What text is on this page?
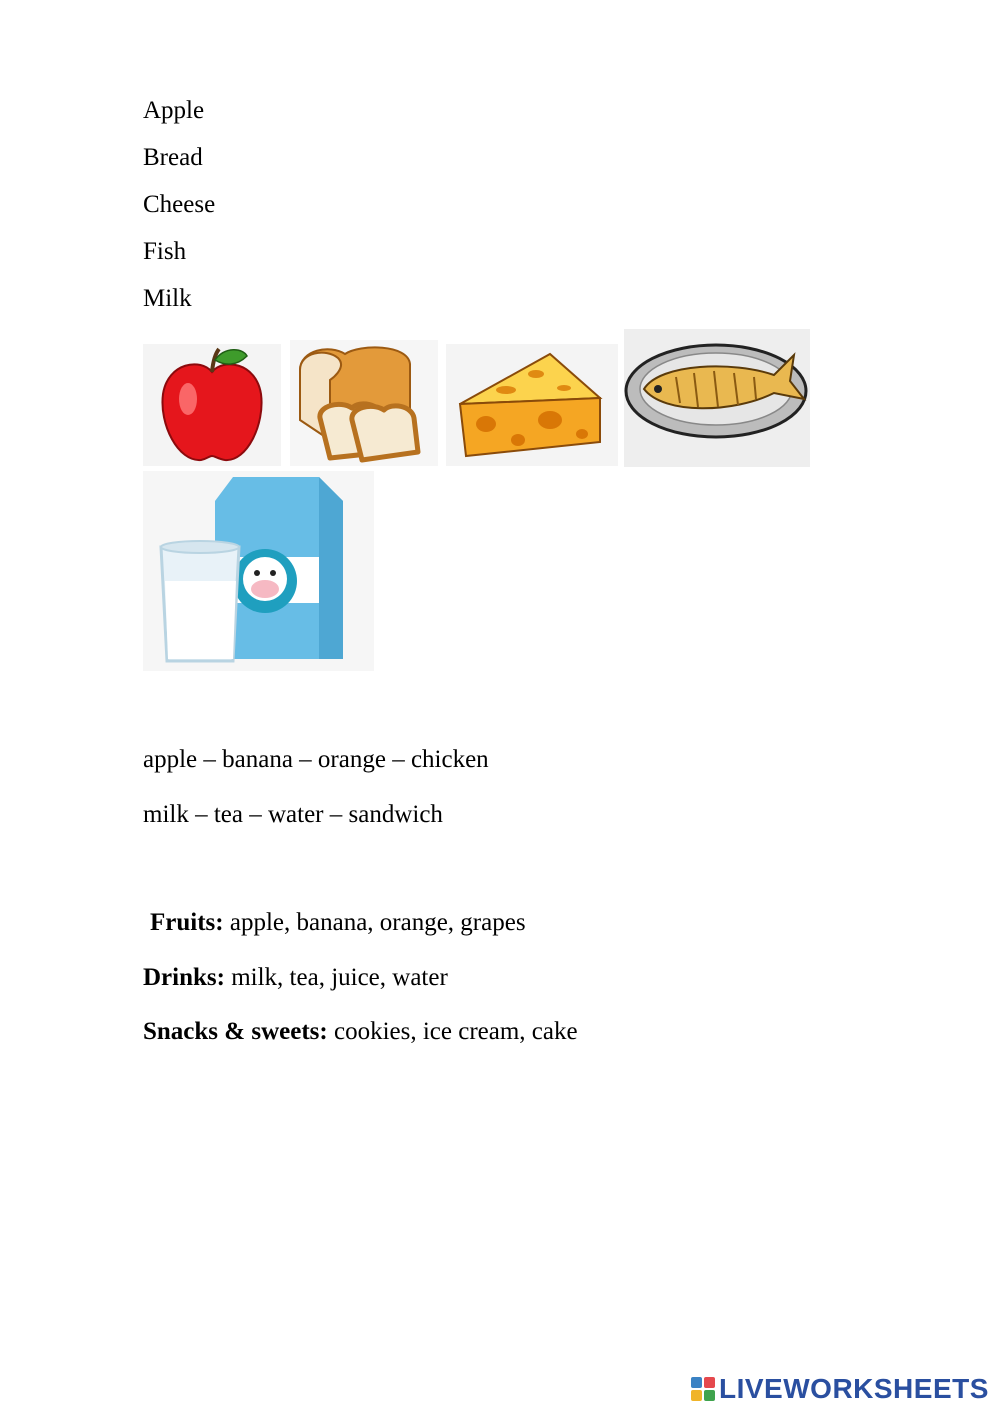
Apple

Bread

Cheese

Fish

Milk

apple – banana – orange – chicken

milk – tea – water – sandwich

Fruits: apple, banana, orange, grapes

Drinks: milk, tea, juice, water

Snacks & sweets: cookies, ice cream, cake

LIVEWORKSHEETS
